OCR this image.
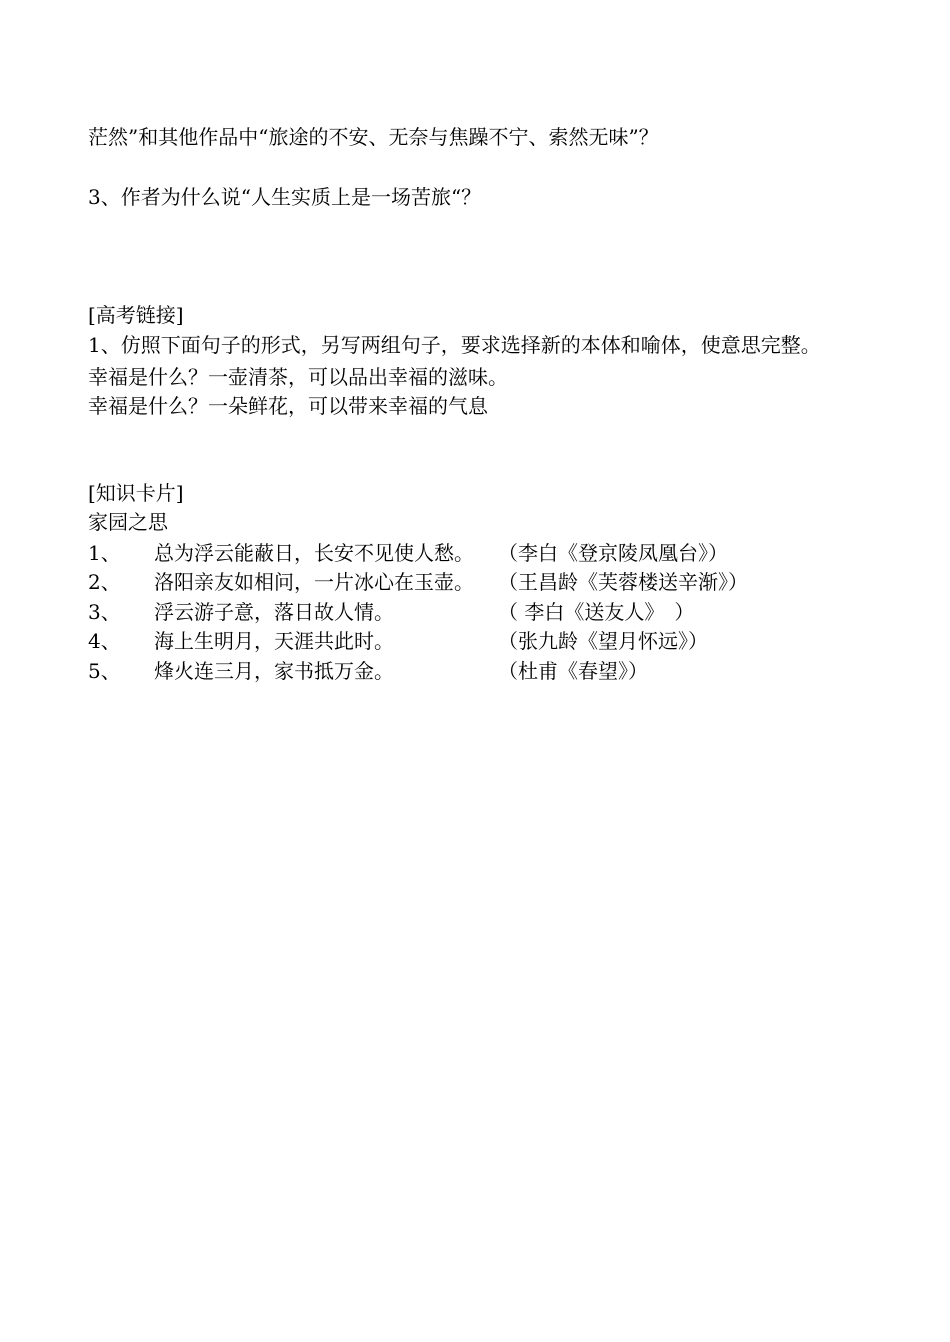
茫然”和其他作品中“旅途的不安、无奈与焦躁不宁、索然无味”？
3、作者为什么说“人生实质上是一场苦旅“？
[高考链接]
1、仿照下面句子的形式，另写两组句子，要求选择新的本体和喻体，使意思完整。
幸福是什么？一壶清茶，可以品出幸福的滋味。
幸福是什么？一朵鲜花，可以带来幸福的气息
[知识卡片]
家园之思
1、 总为浮云能蔽日，长安不见使人愁。 （李白《登京陵凤凰台》）
2、 洛阳亲友如相问，一片冰心在玉壶。 （王昌龄《芙蓉楼送辛渐》）
3、 浮云游子意，落日故人情。	（ 李白《送友人》　）
4、 海上生明月，天涯共此时。	（张九龄《望月怀远》）
5、 烽火连三月，家书抵万金。	（杜甫《春望》）
